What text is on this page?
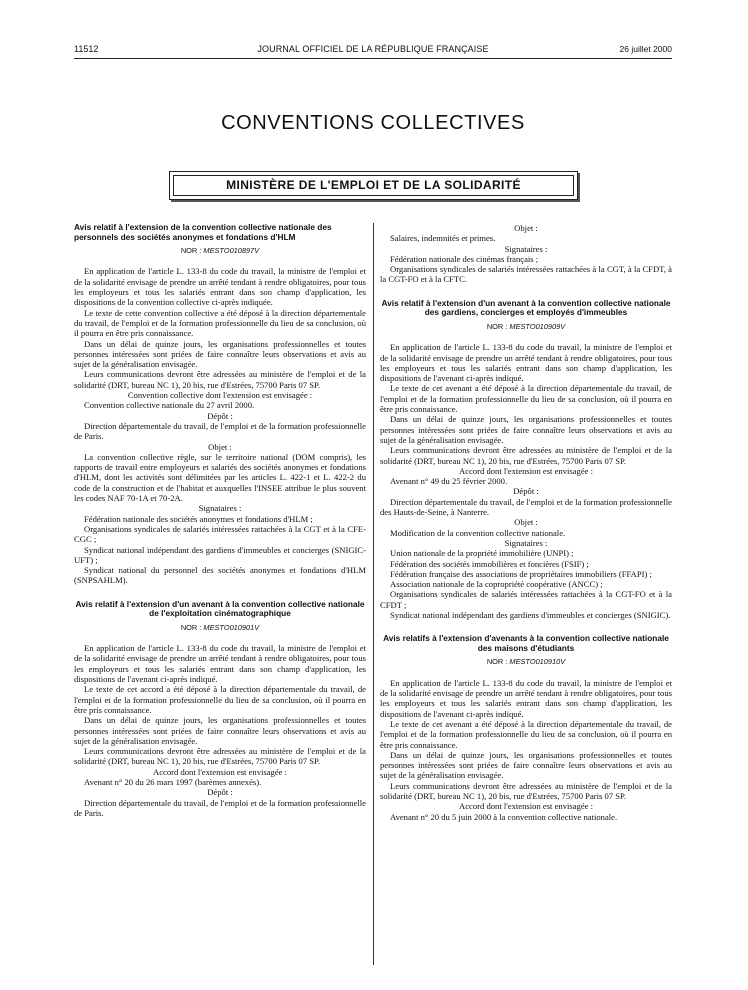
11512	JOURNAL OFFICIEL DE LA RÉPUBLIQUE FRANÇAISE	26 juillet 2000
CONVENTIONS COLLECTIVES
MINISTÈRE DE L'EMPLOI ET DE LA SOLIDARITÉ
Avis relatif à l'extension de la convention collective nationale des personnels des sociétés anonymes et fondations d'HLM
NOR : MESTO010897V

En application de l'article L. 133-8 du code du travail, la ministre de l'emploi et de la solidarité envisage de prendre un arrêté tendant à rendre obligatoires, pour tous les employeurs et tous les salariés entrant dans son champ d'application, les dispositions de la convention collective ci-après indiquée.

Le texte de cette convention collective a été déposé à la direction départementale du travail, de l'emploi et de la formation professionnelle du lieu de sa conclusion, où il pourra en être pris connaissance.

Dans un délai de quinze jours, les organisations professionnelles et toutes personnes intéressées sont priées de faire connaître leurs observations et avis au sujet de la généralisation envisagée.

Leurs communications devront être adressées au ministère de l'emploi et de la solidarité (DRT, bureau NC 1), 20 bis, rue d'Estrées, 75700 Paris 07 SP.

Convention collective dont l'extension est envisagée :

Convention collective nationale du 27 avril 2000.

Dépôt :

Direction départementale du travail, de l'emploi et de la formation professionnelle de Paris.

Objet :

La convention collective règle, sur le territoire national (DOM compris), les rapports de travail entre employeurs et salariés des sociétés anonymes et fondations d'HLM, dont les activités sont délimitées par les articles L. 422-1 et L. 422-2 du code de la construction et de l'habitat et auxquelles l'INSEE attribue le plus souvent les codes NAF 70-1A et 70-2A.

Signataires :

Fédération nationale des sociétés anonymes et fondations d'HLM ;

Organisations syndicales de salariés intéressées rattachées à la CGT et à la CFE-CGC ;

Syndicat national indépendant des gardiens d'immeubles et concierges (SNIGIC-UFT) ;

Syndicat national du personnel des sociétés anonymes et fondations d'HLM (SNPSAHLM).

Avis relatif à l'extension d'un avenant à la convention collective nationale de l'exploitation cinématographique
NOR : MESTO010901V

En application de l'article L. 133-8 du code du travail, la ministre de l'emploi et de la solidarité envisage de prendre un arrêté tendant à rendre obligatoires, pour tous les employeurs et tous les salariés entrant dans son champ d'application, les dispositions de l'avenant ci-après indiqué.

Le texte de cet accord a été déposé à la direction départementale du travail, de l'emploi et de la formation professionnelle du lieu de sa conclusion, où il pourra en être pris connaissance.

Dans un délai de quinze jours, les organisations professionnelles et toutes personnes intéressées sont priées de faire connaître leurs observations et avis au sujet de la généralisation envisagée.

Leurs communications devront être adressées au ministère de l'emploi et de la solidarité (DRT, bureau NC 1), 20 bis, rue d'Estrées, 75700 Paris 07 SP.

Accord dont l'extension est envisagée :

Avenant n° 20 du 26 mars 1997 (barèmes annexés).

Dépôt :

Direction départementale du travail, de l'emploi et de la formation professionnelle de Paris.

Objet :

Salaires, indemnités et primes.

Signataires :

Fédération nationale des cinémas français ;

Organisations syndicales de salariés intéressées rattachées à la CGT, à la CFDT, à la CGT-FO et à la CFTC.

Avis relatif à l'extension d'un avenant à la convention collective nationale des gardiens, concierges et employés d'immeubles
NOR : MESTO010909V

En application de l'article L. 133-8 du code du travail, la ministre de l'emploi et de la solidarité envisage de prendre un arrêté tendant à rendre obligatoires, pour tous les employeurs et tous les salariés entrant dans son champ d'application, les dispositions de l'avenant ci-après indiqué.

Le texte de cet avenant a été déposé à la direction départementale du travail, de l'emploi et de la formation professionnelle du lieu de sa conclusion, où il pourra en être pris connaissance.

Dans un délai de quinze jours, les organisations professionnelles et toutes personnes intéressées sont priées de faire connaître leurs observations et avis au sujet de la généralisation envisagée.

Leurs communications devront être adressées au ministère de l'emploi et de la solidarité (DRT, bureau NC 1), 20 bis, rue d'Estrées, 75700 Paris 07 SP.

Accord dont l'extension est envisagée :

Avenant n° 49 du 25 février 2000.

Dépôt :

Direction départementale du travail, de l'emploi et de la formation professionnelle des Hauts-de-Seine, à Nanterre.

Objet :

Modification de la convention collective nationale.

Signataires :

Union nationale de la propriété immobilière (UNPI) ;

Fédération des sociétés immobilières et foncières (FSIF) ;

Fédération française des associations de propriétaires immobiliers (FFAPI) ;

Association nationale de la copropriété coopérative (ANCC) ;

Organisations syndicales de salariés intéressées rattachées à la CGT-FO et à la CFDT ;

Syndicat national indépendant des gardiens d'immeubles et concierges (SNIGIC).

Avis relatifs à l'extension d'avenants à la convention collective nationale des maisons d'étudiants
NOR : MESTO010910V

En application de l'article L. 133-8 du code du travail, la ministre de l'emploi et de la solidarité envisage de prendre un arrêté tendant à rendre obligatoires, pour tous les employeurs et tous les salariés entrant dans son champ d'application, les dispositions de l'avenant ci-après indiqué.

Le texte de cet avenant a été déposé à la direction départementale du travail, de l'emploi et de la formation professionnelle du lieu de sa conclusion, où il pourra en être pris connaissance.

Dans un délai de quinze jours, les organisations professionnelles et toutes personnes intéressées sont priées de faire connaître leurs observations et avis au sujet de la généralisation envisagée.

Leurs communications devront être adressées au ministère de l'emploi et de la solidarité (DRT, bureau NC 1), 20 bis, rue d'Estrées, 75700 Paris 07 SP.

Accord dont l'extension est envisagée :

Avenant n° 20 du 5 juin 2000 à la convention collective nationale.
